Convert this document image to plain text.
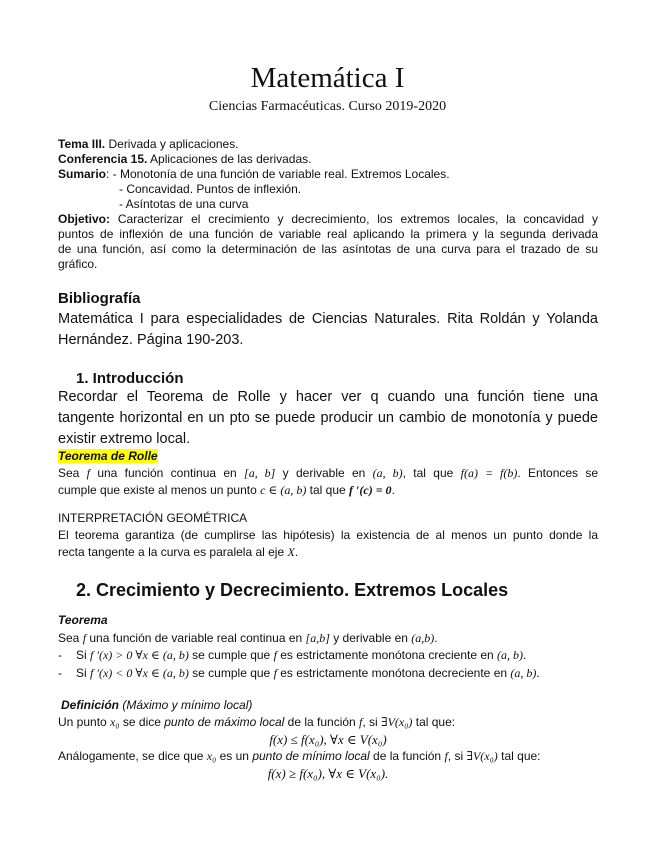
Matemática I
Ciencias Farmacéuticas. Curso 2019-2020
Tema III. Derivada y aplicaciones.
Conferencia 15. Aplicaciones de las derivadas.
Sumario: - Monotonía de una función de variable real. Extremos Locales.
- Concavidad. Puntos de inflexión.
- Asíntotas de una curva
Objetivo: Caracterizar el crecimiento y decrecimiento, los extremos locales, la concavidad y
puntos de inflexión de una función de variable real aplicando la primera y la segunda derivada
de una función, así como la determinación de las asíntotas de una curva para el trazado de su
gráfico.
Bibliografía
Matemática I para especialidades de Ciencias Naturales. Rita Roldán y Yolanda
Hernández. Página 190-203.
1. Introducción
Recordar el Teorema de Rolle y hacer ver q cuando una función tiene una
tangente horizontal en un pto se puede producir un cambio de monotonía y puede
existir extremo local.
Teorema de Rolle
Sea f una función continua en [a, b] y derivable en (a, b), tal que f(a) = f(b). Entonces se
cumple que existe al menos un punto c ∈ (a, b) tal que f ′(c) = 0.
INTERPRETACIÓN GEOMÉTRICA
El teorema garantiza (de cumplirse las hipótesis) la existencia de al menos un punto donde la
recta tangente a la curva es paralela al eje X.
2. Crecimiento y Decrecimiento. Extremos Locales
Teorema
Sea f una función de variable real continua en [a,b] y derivable en (a,b).
- Si f ′(x) > 0 ∀x ∈ (a, b) se cumple que f es estrictamente monótona creciente en (a, b).
- Si f ′(x) < 0 ∀x ∈ (a, b) se cumple que f es estrictamente monótona decreciente en (a, b).
Definición (Máximo y mínimo local)
Un punto x₀ se dice punto de máximo local de la función f, si ∃V(x₀) tal que:
f(x) ≤ f(x₀), ∀x ∈ V(x₀)
Análogamente, se dice que x₀ es un punto de mínimo local de la función f, si ∃V(x₀) tal que:
f(x) ≥ f(x₀), ∀x ∈ V(x₀).
